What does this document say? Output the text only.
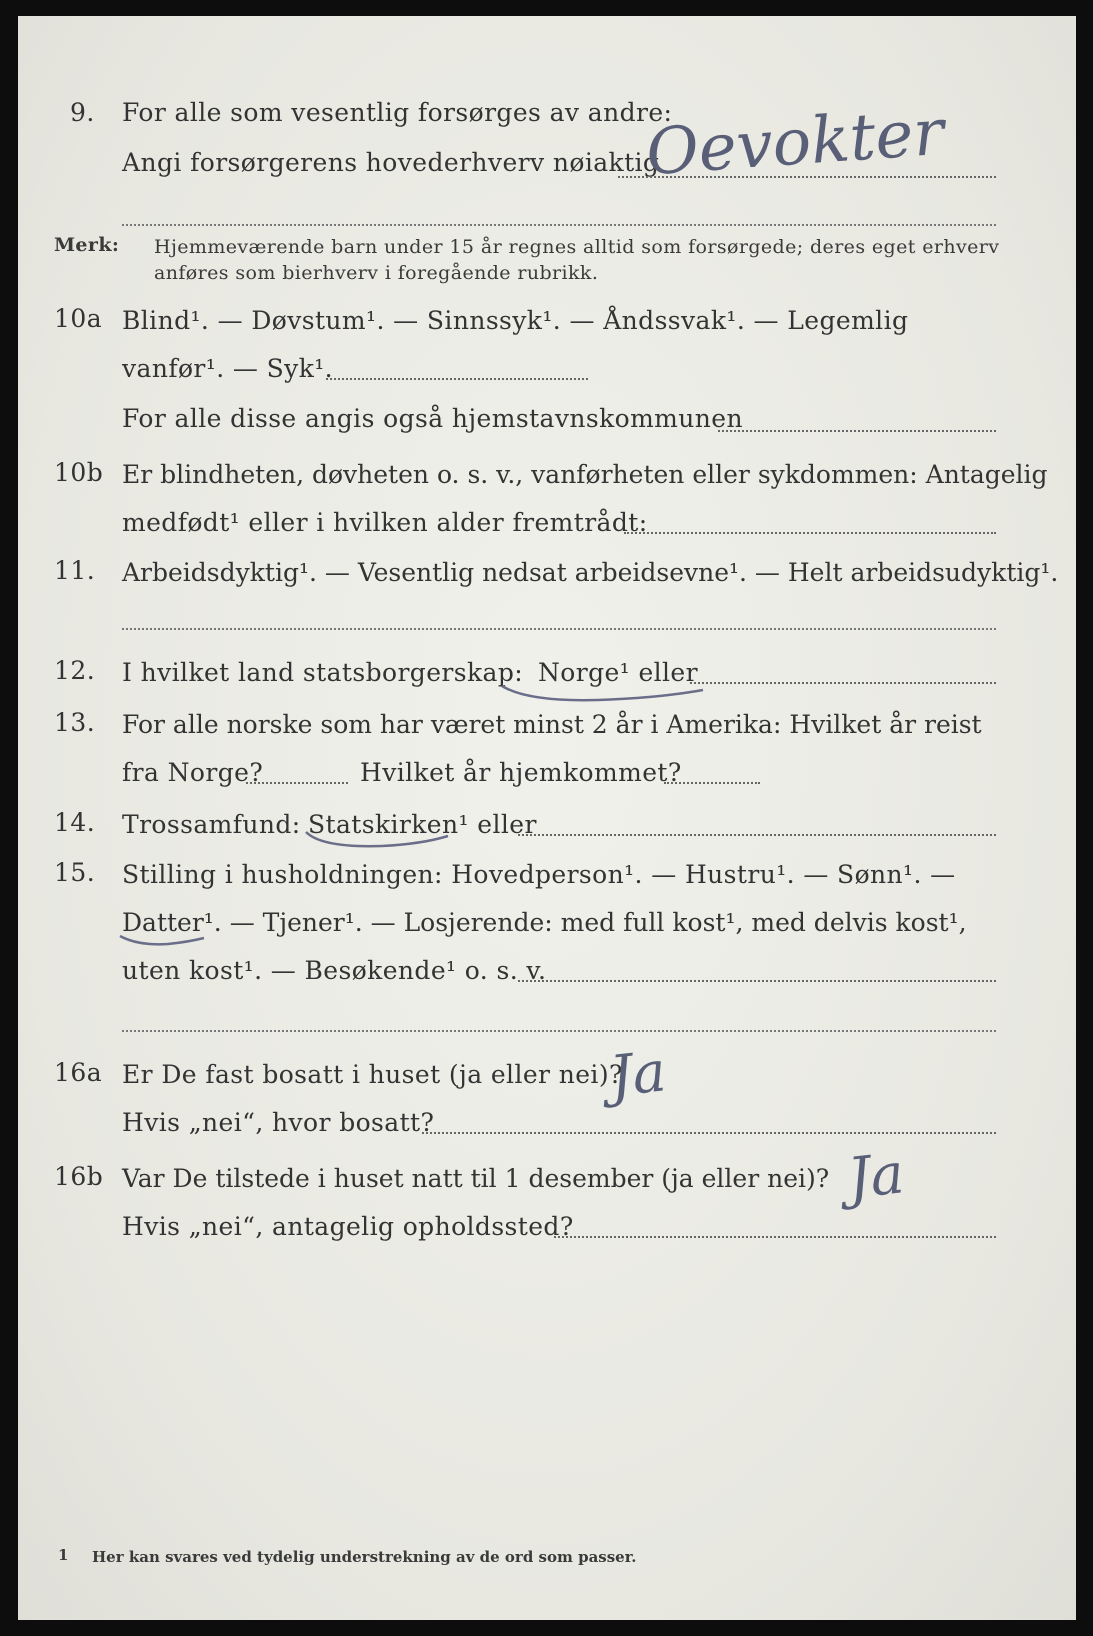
9. For alle som vesentlig forsørges av andre:
Angi forsørgerens hovederhverv nøiaktig
Oevokter
Merk: Hjemmeværende barn under 15 år regnes alltid som forsørgede; deres eget erhverv
anføres som bierhverv i foregående rubrikk.
10a Blind¹. — Døvstum¹. — Sinnssyk¹. — Åndssvak¹. — Legemlig
vanfør¹. — Syk¹.
For alle disse angis også hjemstavnskommunen
10b Er blindheten, døvheten o. s. v., vanførheten eller sykdommen: Antagelig
medfødt¹ eller i hvilken alder fremtrådt:
11. Arbeidsdyktig¹. — Vesentlig nedsat arbeidsevne¹. — Helt arbeidsudyktig¹.
12. I hvilket land statsborgerskap: Norge¹ eller
13. For alle norske som har været minst 2 år i Amerika: Hvilket år reist
fra Norge?	Hvilket år hjemkommet?
14. Trossamfund: Statskirken¹ eller
15. Stilling i husholdningen: Hovedperson¹. — Hustru¹. — Sønn¹. —
Datter¹. — Tjener¹. — Losjerende: med full kost¹, med delvis kost¹,
uten kost¹. — Besøkende¹ o. s. v.
16a Er De fast bosatt i huset (ja eller nei)?
Ja
Hvis „nei“, hvor bosatt?
16b Var De tilstede i huset natt til 1 desember (ja eller nei)? Ja
Hvis „nei“, antagelig opholdssted?
1 Her kan svares ved tydelig understrekning av de ord som passer.
